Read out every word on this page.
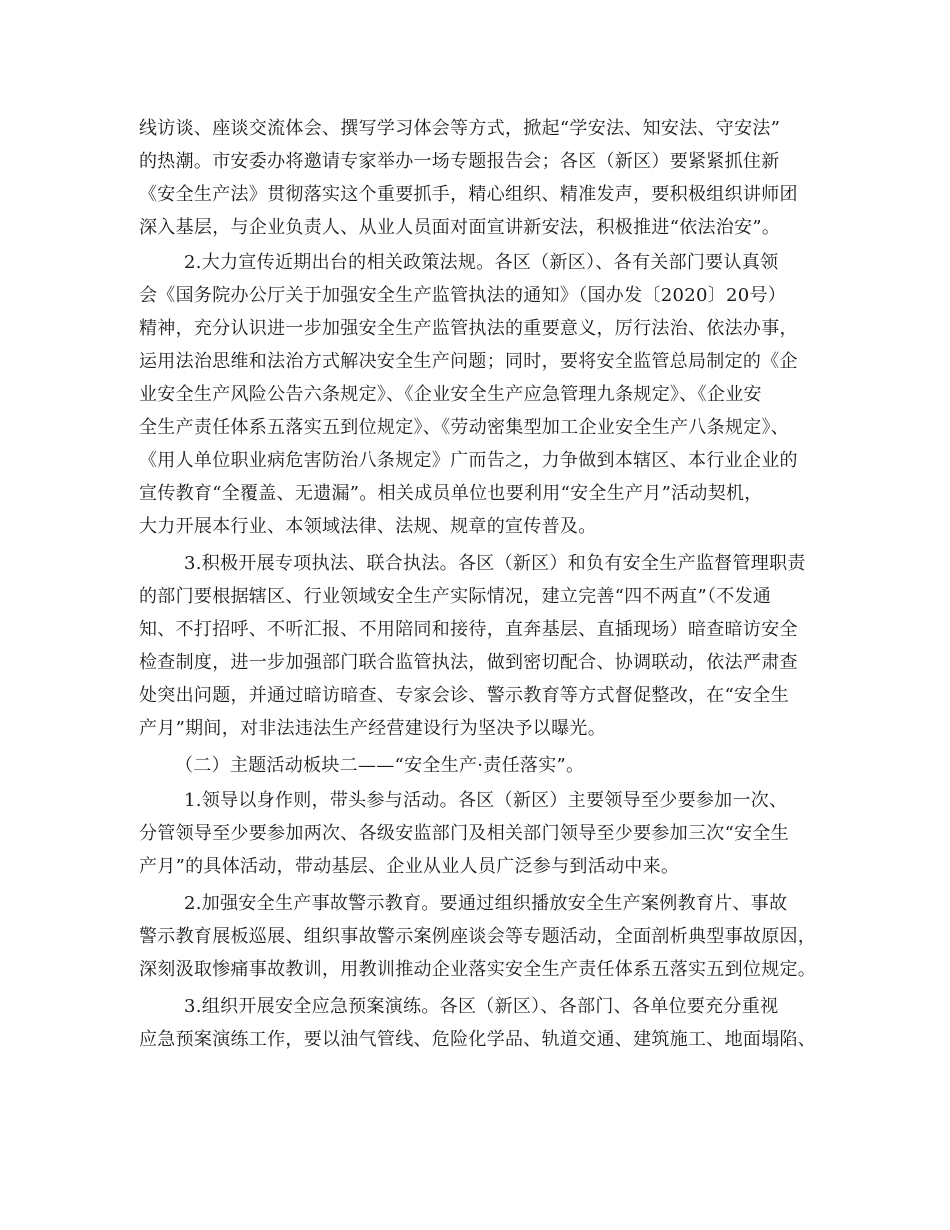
线访谈、座谈交流体会、撰写学习体会等方式，掀起“学安法、知安法、守安法”
的热潮。市安委办将邀请专家举办一场专题报告会；各区（新区）要紧紧抓住新
《安全生产法》贯彻落实这个重要抓手，精心组织、精准发声，要积极组织讲师团
深入基层，与企业负责人、从业人员面对面宣讲新安法，积极推进“依法治安”。
2.大力宣传近期出台的相关政策法规。各区（新区）、各有关部门要认真领
会《国务院办公厅关于加强安全生产监管执法的通知》（国办发〔2020〕20号）
精神，充分认识进一步加强安全生产监管执法的重要意义，厉行法治、依法办事，
运用法治思维和法治方式解决安全生产问题；同时，要将安全监管总局制定的《企
业安全生产风险公告六条规定》、《企业安全生产应急管理九条规定》、《企业安
全生产责任体系五落实五到位规定》、《劳动密集型加工企业安全生产八条规定》、
《用人单位职业病危害防治八条规定》广而告之，力争做到本辖区、本行业企业的
宣传教育“全覆盖、无遗漏”。相关成员单位也要利用“安全生产月”活动契机，
大力开展本行业、本领域法律、法规、规章的宣传普及。
3.积极开展专项执法、联合执法。各区（新区）和负有安全生产监督管理职责
的部门要根据辖区、行业领域安全生产实际情况，建立完善“四不两直”（不发通
知、不打招呼、不听汇报、不用陪同和接待，直奔基层、直插现场）暗查暗访安全
检查制度，进一步加强部门联合监管执法，做到密切配合、协调联动，依法严肃查
处突出问题，并通过暗访暗查、专家会诊、警示教育等方式督促整改，在“安全生
产月”期间，对非法违法生产经营建设行为坚决予以曝光。
（二）主题活动板块二——“安全生产·责任落实”。
1.领导以身作则，带头参与活动。各区（新区）主要领导至少要参加一次、
分管领导至少要参加两次、各级安监部门及相关部门领导至少要参加三次“安全生
产月”的具体活动，带动基层、企业从业人员广泛参与到活动中来。
2.加强安全生产事故警示教育。要通过组织播放安全生产案例教育片、事故
警示教育展板巡展、组织事故警示案例座谈会等专题活动，全面剖析典型事故原因，
深刻汲取惨痛事故教训，用教训推动企业落实安全生产责任体系五落实五到位规定。
3.组织开展安全应急预案演练。各区（新区）、各部门、各单位要充分重视
应急预案演练工作，要以油气管线、危险化学品、轨道交通、建筑施工、地面塌陷、
